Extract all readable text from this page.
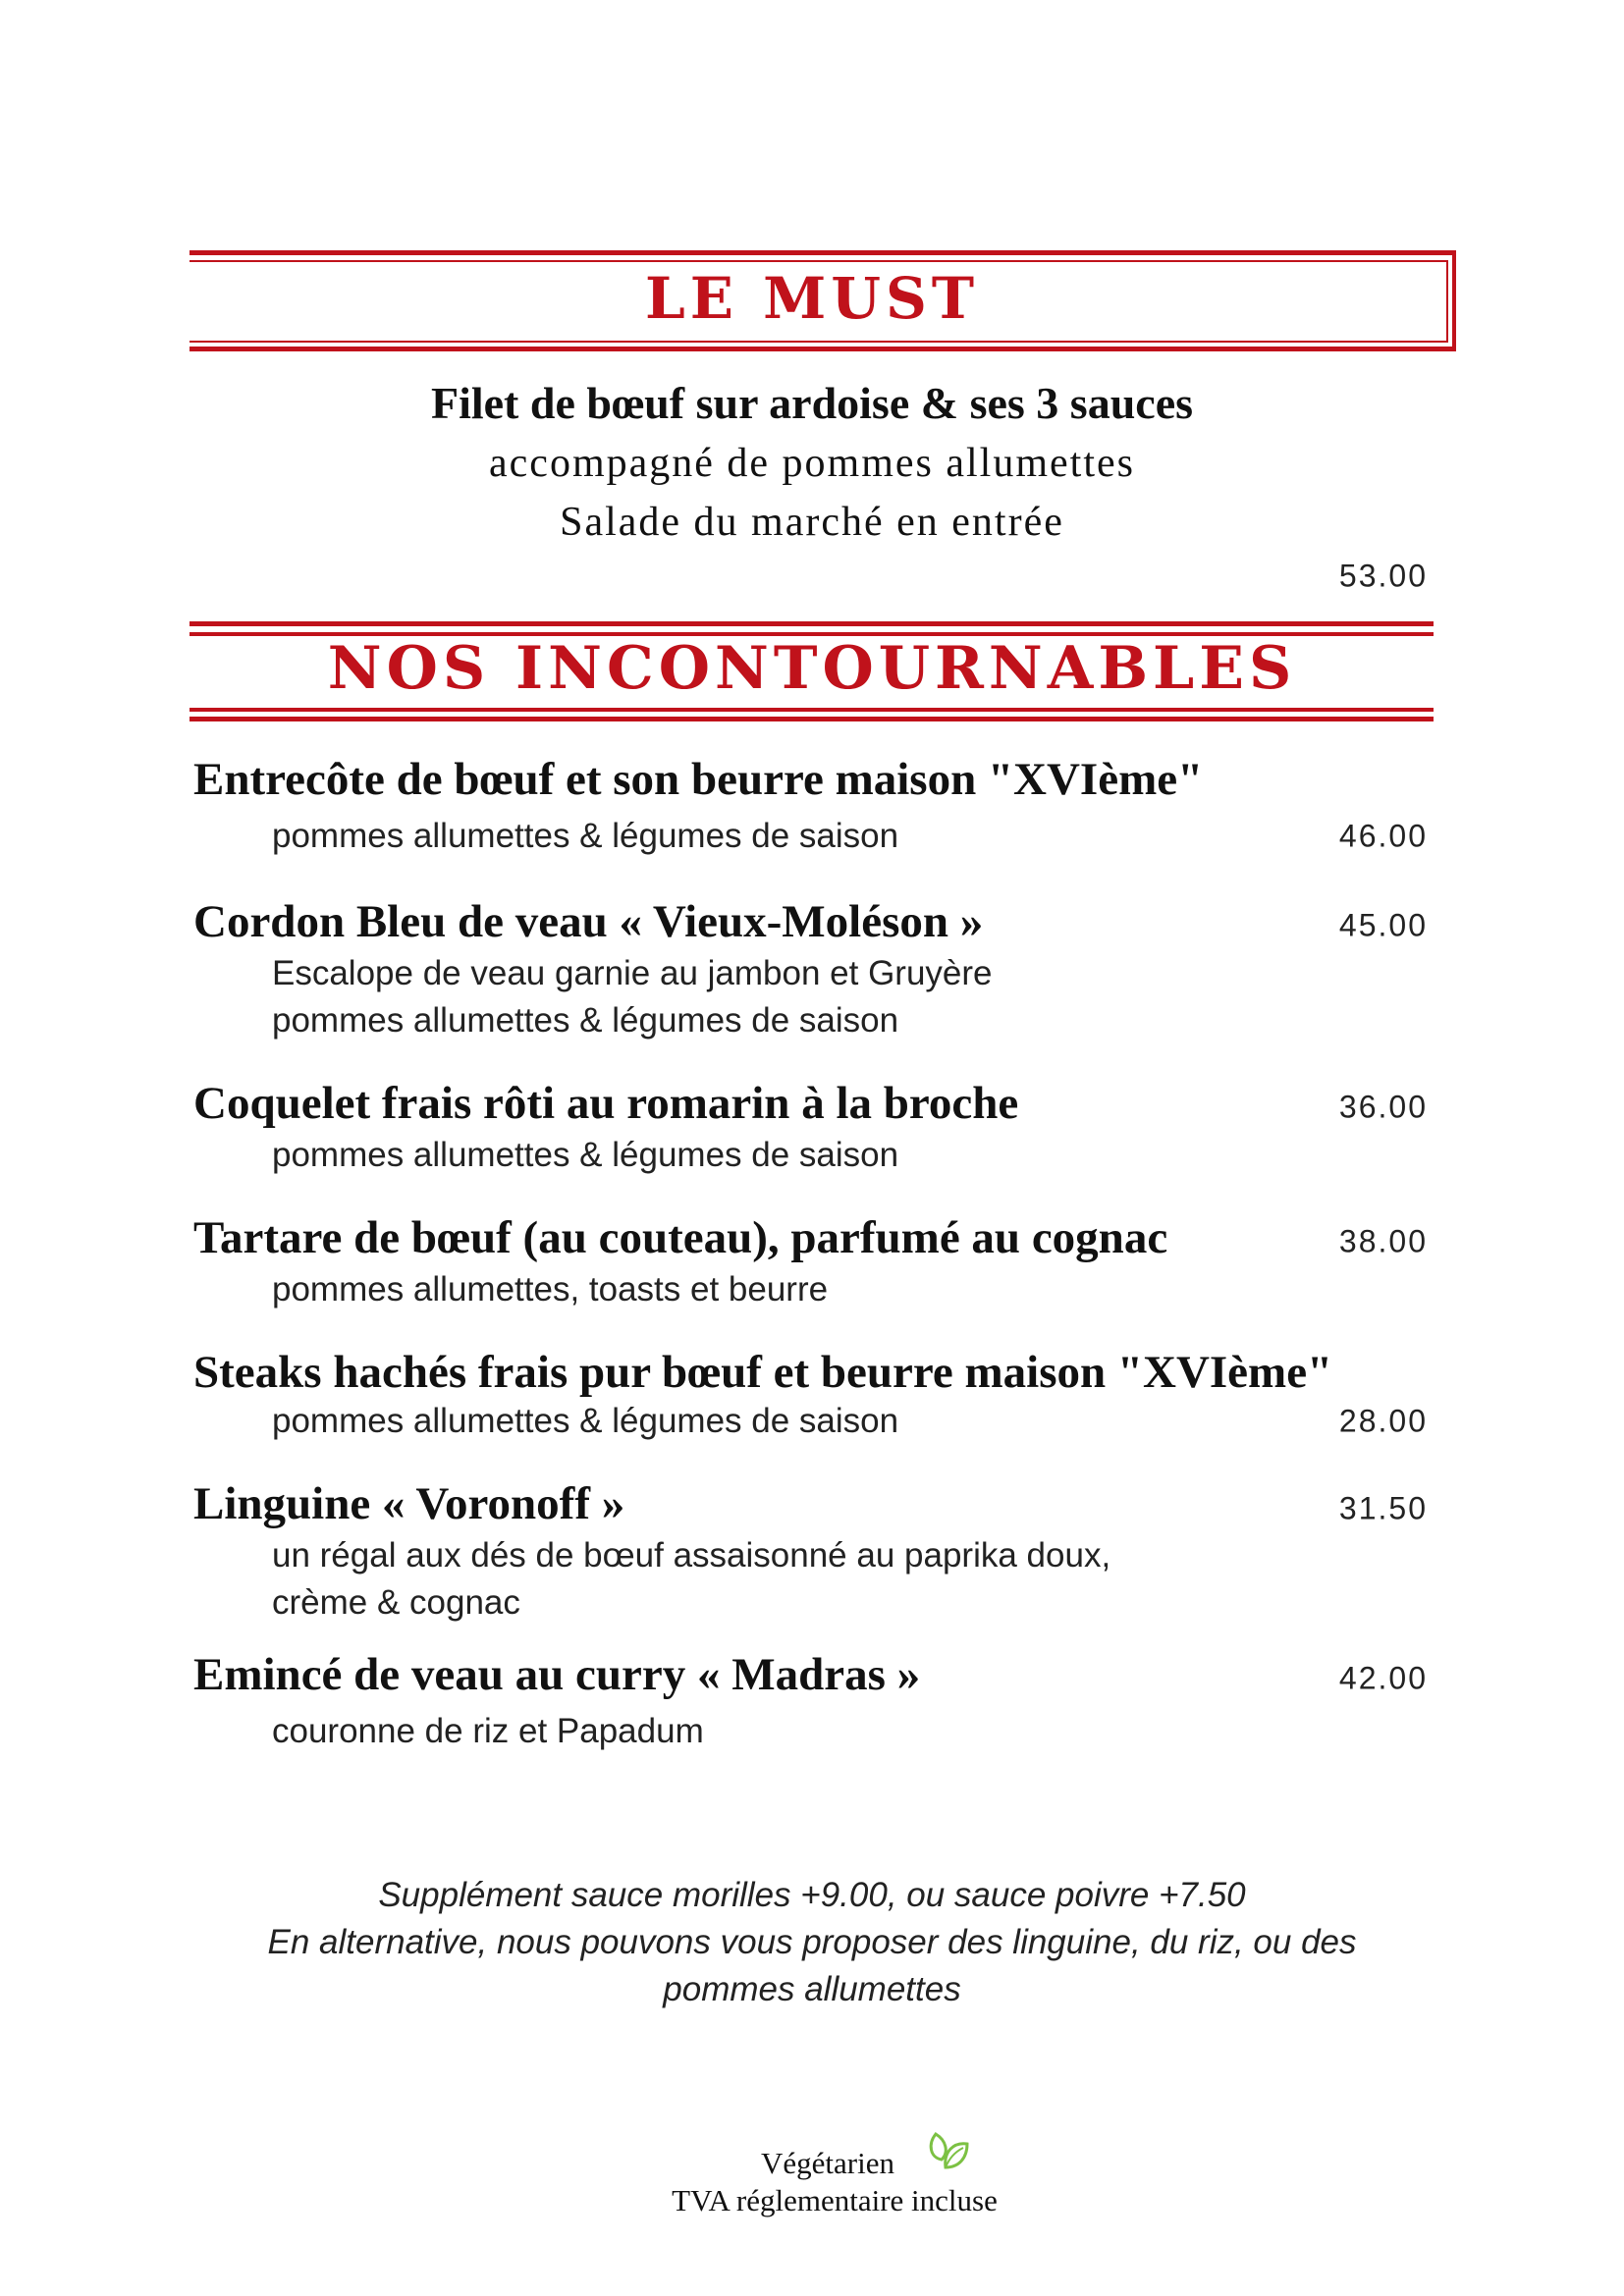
LE MUST
Filet de bœuf sur ardoise & ses 3 sauces
accompagné de pommes allumettes
Salade du marché en entrée
53.00
NOS INCONTOURNABLES
Entrecôte de bœuf et son beurre maison "XVIème"
pommes allumettes & légumes de saison	46.00
Cordon Bleu de veau « Vieux-Moléson »	45.00
Escalope de veau garnie au jambon et Gruyère
pommes allumettes & légumes de saison
Coquelet frais rôti au romarin à la broche	36.00
pommes allumettes & légumes de saison
Tartare de bœuf (au couteau), parfumé au cognac	38.00
pommes allumettes, toasts et beurre
Steaks hachés frais pur bœuf et beurre maison "XVIème"
pommes allumettes & légumes de saison	28.00
Linguine « Voronoff »	31.50
un régal aux dés de bœuf assaisonné au paprika doux,
crème & cognac
Emincé de veau au curry « Madras »	42.00
couronne de riz et Papadum
Supplément sauce morilles +9.00, ou sauce poivre +7.50
En alternative, nous pouvons vous proposer des linguine, du riz, ou des
pommes allumettes
Végétarien
TVA réglementaire incluse
